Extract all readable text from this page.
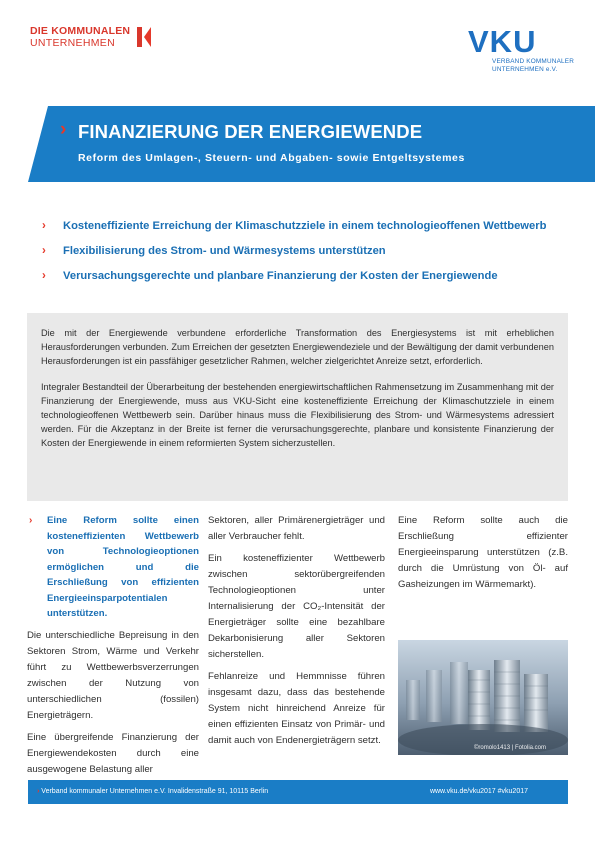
DIE KOMMUNALEN
UNTERNEHMEN	VKU
VERBAND KOMMUNALER
UNTERNEHMEN e.V.
› FINANZIERUNG DER ENERGIEWENDE
Reform des Umlagen-, Steuern- und Abgaben- sowie Entgeltsystemes
› Kosteneffiziente Erreichung der Klimaschutzziele in einem technologieoffenen Wettbewerb
› Flexibilisierung des Strom- und Wärmesystems unterstützen
› Verursachungsgerechte und planbare Finanzierung der Kosten der Energiewende

Die mit der Energiewende verbundene erforderliche Transformation des Energiesystems ist mit erheblichen Herausforderungen verbunden. Zum Erreichen der gesetzten Energiewendeziele und der Bewältigung der damit verbundenen Herausforderungen ist ein passfähiger gesetzlicher Rahmen, welcher zielgerichtet Anreize setzt, erforderlich.

Integraler Bestandteil der Überarbeitung der bestehenden energiewirtschaftlichen Rahmensetzung im Zusammenhang mit der Finanzierung der Energiewende, muss aus VKU-Sicht eine kosteneffiziente Erreichung der Klimaschutzziele in einem technologieoffenen Wettbewerb sein. Darüber hinaus muss die Flexibilisierung des Strom- und Wärmesystems adressiert werden. Für die Akzeptanz in der Breite ist ferner die verursachungsgerechte, planbare und konsistente Finanzierung der Kosten der Energiewende in einem reformierten System sicherzustellen.

› Eine Reform sollte einen kosteneffizienten Wettbewerb von Technologieoptionen ermöglichen und die Erschließung von effizienten Energieeinsparpotentialen unterstützen.

Die unterschiedliche Bepreisung in den Sektoren Strom, Wärme und Verkehr führt zu Wettbewerbsverzerrungen zwischen der Nutzung von unterschiedlichen (fossilen) Energieträgern.

Eine übergreifende Finanzierung der Energiewendekosten durch eine ausgewogene Belastung aller

Sektoren, aller Primärenergieträger und aller Verbraucher fehlt.

Ein kosteneffizienter Wettbewerb zwischen sektorübergreifenden Technologieoptionen unter Internalisierung der CO₂-Intensität der Energieträger sollte eine bezahlbare Dekarbonisierung aller Sektoren sicherstellen.

Fehlanreize und Hemmnisse führen insgesamt dazu, dass das bestehende System nicht hinreichend Anreize für einen effizienten Einsatz von Primär- und damit auch von Endenergieträgern setzt.

Eine Reform sollte auch die Erschließung effizienter Energieeinsparung unterstützen (z.B. durch die Umrüstung von Öl- auf Gasheizungen im Wärmemarkt).

©romolo1413 | Fotolia.com
› Verband kommunaler Unternehmen e.V. Invalidenstraße 91, 10115 Berlin	www.vku.de/vku2017 #vku2017
